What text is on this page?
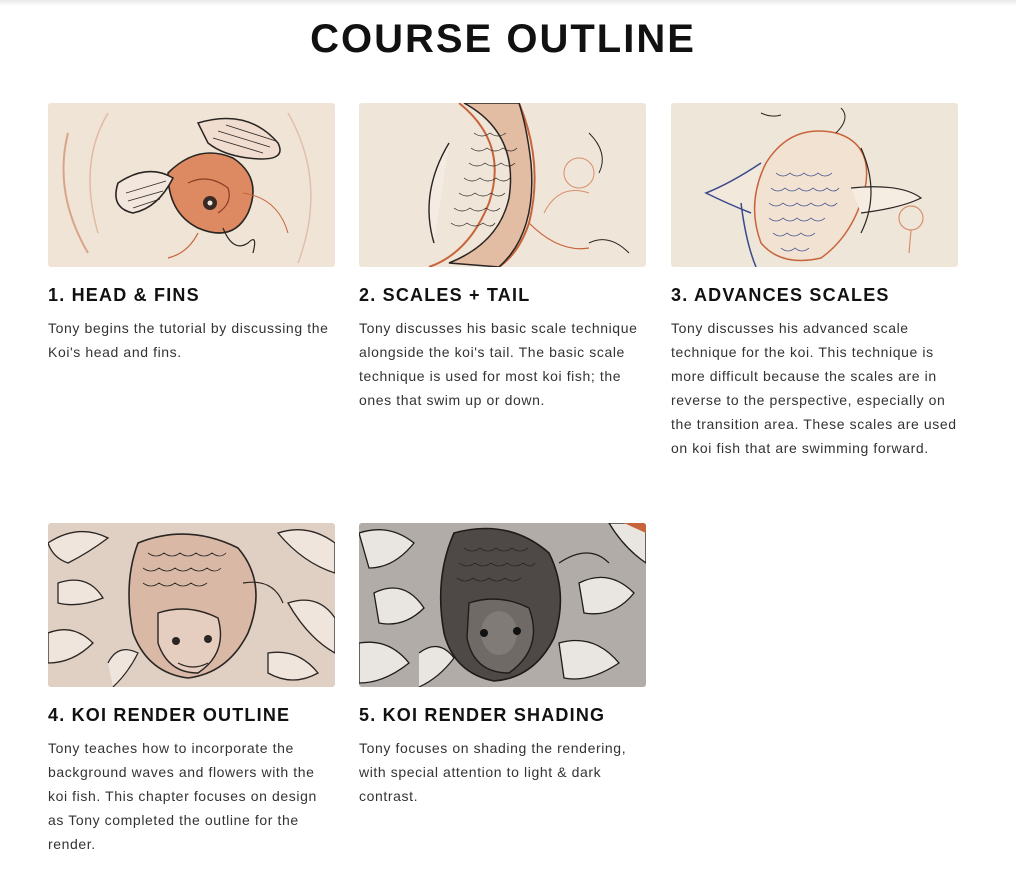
COURSE OUTLINE
1. HEAD & FINS

Tony begins the tutorial by discussing the Koi's head and fins.

2. SCALES + TAIL

Tony discusses his basic scale technique alongside the koi's tail. The basic scale technique is used for most koi fish; the ones that swim up or down.

3. ADVANCES SCALES

Tony discusses his advanced scale technique for the koi. This technique is more difficult because the scales are in reverse to the perspective, especially on the transition area. These scales are used on koi fish that are swimming forward.

4. KOI RENDER OUTLINE

Tony teaches how to incorporate the background waves and flowers with the koi fish. This chapter focuses on design as Tony completed the outline for the render.

5. KOI RENDER SHADING

Tony focuses on shading the rendering, with special attention to light & dark contrast.
